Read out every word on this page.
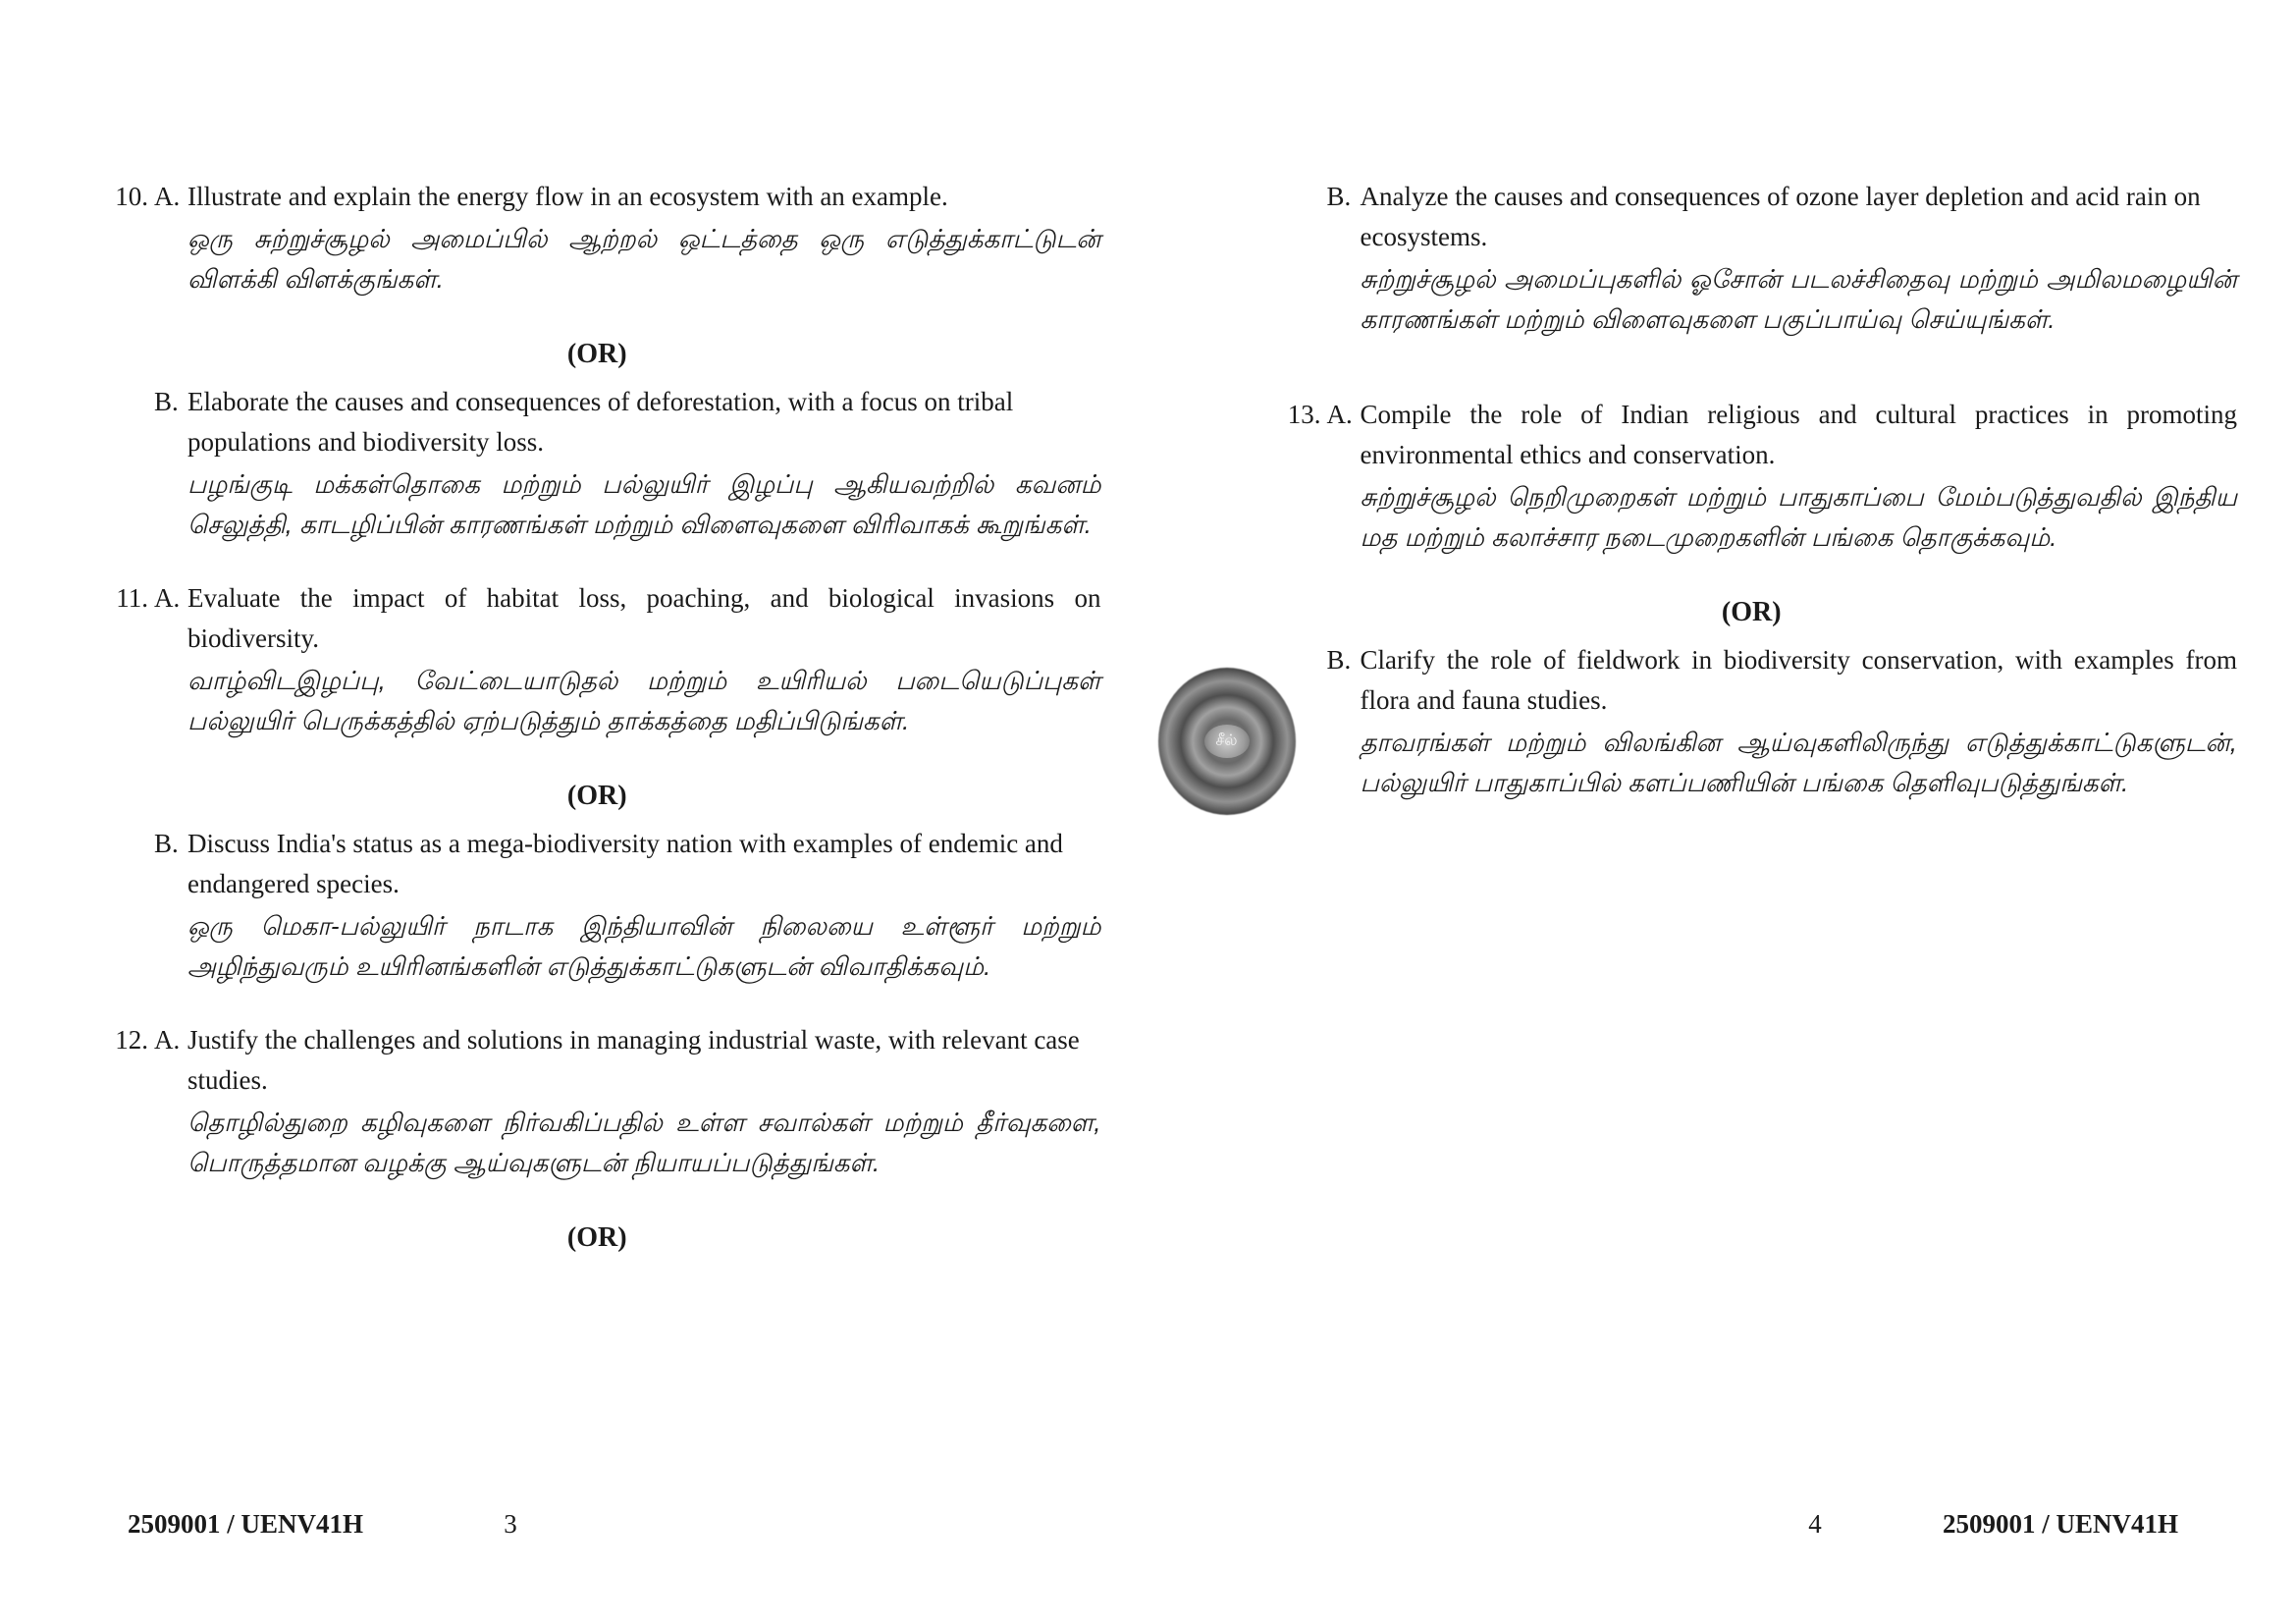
10. A. Illustrate and explain the energy flow in an ecosystem with an example.
ஒரு சுற்றுச்சூழல் அமைப்பில் ஆற்றல் ஒட்டத்தை ஒரு எடுத்துக்காட்டுடன் விளக்கி விளக்குங்கள்.
(OR)
B. Elaborate the causes and consequences of deforestation, with a focus on tribal populations and biodiversity loss.
பழங்குடி மக்கள்தொகை மற்றும் பல்லுயிர் இழப்பு ஆகியவற்றில் கவனம் செலுத்தி, காடழிப்பின் காரணங்கள் மற்றும் விளைவுகளை விரிவாகக் கூறுங்கள்.
11. A. Evaluate the impact of habitat loss, poaching, and biological invasions on biodiversity.
வாழ்விடஇழப்பு, வேட்டையாடுதல் மற்றும் உயிரியல் படையெடுப்புகள் பல்லுயிர் பெருக்கத்தில் ஏற்படுத்தும் தாக்கத்தை மதிப்பிடுங்கள்.
(OR)
B. Discuss India's status as a mega-biodiversity nation with examples of endemic and endangered species.
ஒரு மெகா-பல்லுயிர் நாடாக இந்தியாவின் நிலையை உள்ளூர் மற்றும் அழிந்துவரும் உயிரினங்களின் எடுத்துக்காட்டுகளுடன் விவாதிக்கவும்.
12. A. Justify the challenges and solutions in managing industrial waste, with relevant case studies.
தொழில்துறை கழிவுகளை நிர்வகிப்பதில் உள்ள சவால்கள் மற்றும் தீர்வுகளை, பொருத்தமான வழக்கு ஆய்வுகளுடன் நியாயப்படுத்துங்கள்.
(OR)
B. Analyze the causes and consequences of ozone layer depletion and acid rain on ecosystems.
சுற்றுச்சூழல் அமைப்புகளில் ஓசோன் படலச்சிதைவு மற்றும் அமிலமழையின் காரணங்கள் மற்றும் விளைவுகளை பகுப்பாய்வு செய்யுங்கள்.
13. A. Compile the role of Indian religious and cultural practices in promoting environmental ethics and conservation.
சுற்றுச்சூழல் நெறிமுறைகள் மற்றும் பாதுகாப்பை மேம்படுத்துவதில் இந்திய மத மற்றும் கலாச்சார நடைமுறைகளின் பங்கை தொகுக்கவும்.
(OR)
B. Clarify the role of fieldwork in biodiversity conservation, with examples from flora and fauna studies.
தாவரங்கள் மற்றும் விலங்கின ஆய்வுகளிலிருந்து எடுத்துக்காட்டுகளுடன், பல்லுயிர் பாதுகாப்பில் களப்பணியின் பங்கை தெளிவுபடுத்துங்கள்.
சீல்
2509001 / UENV41H	3	4	2509001 / UENV41H
